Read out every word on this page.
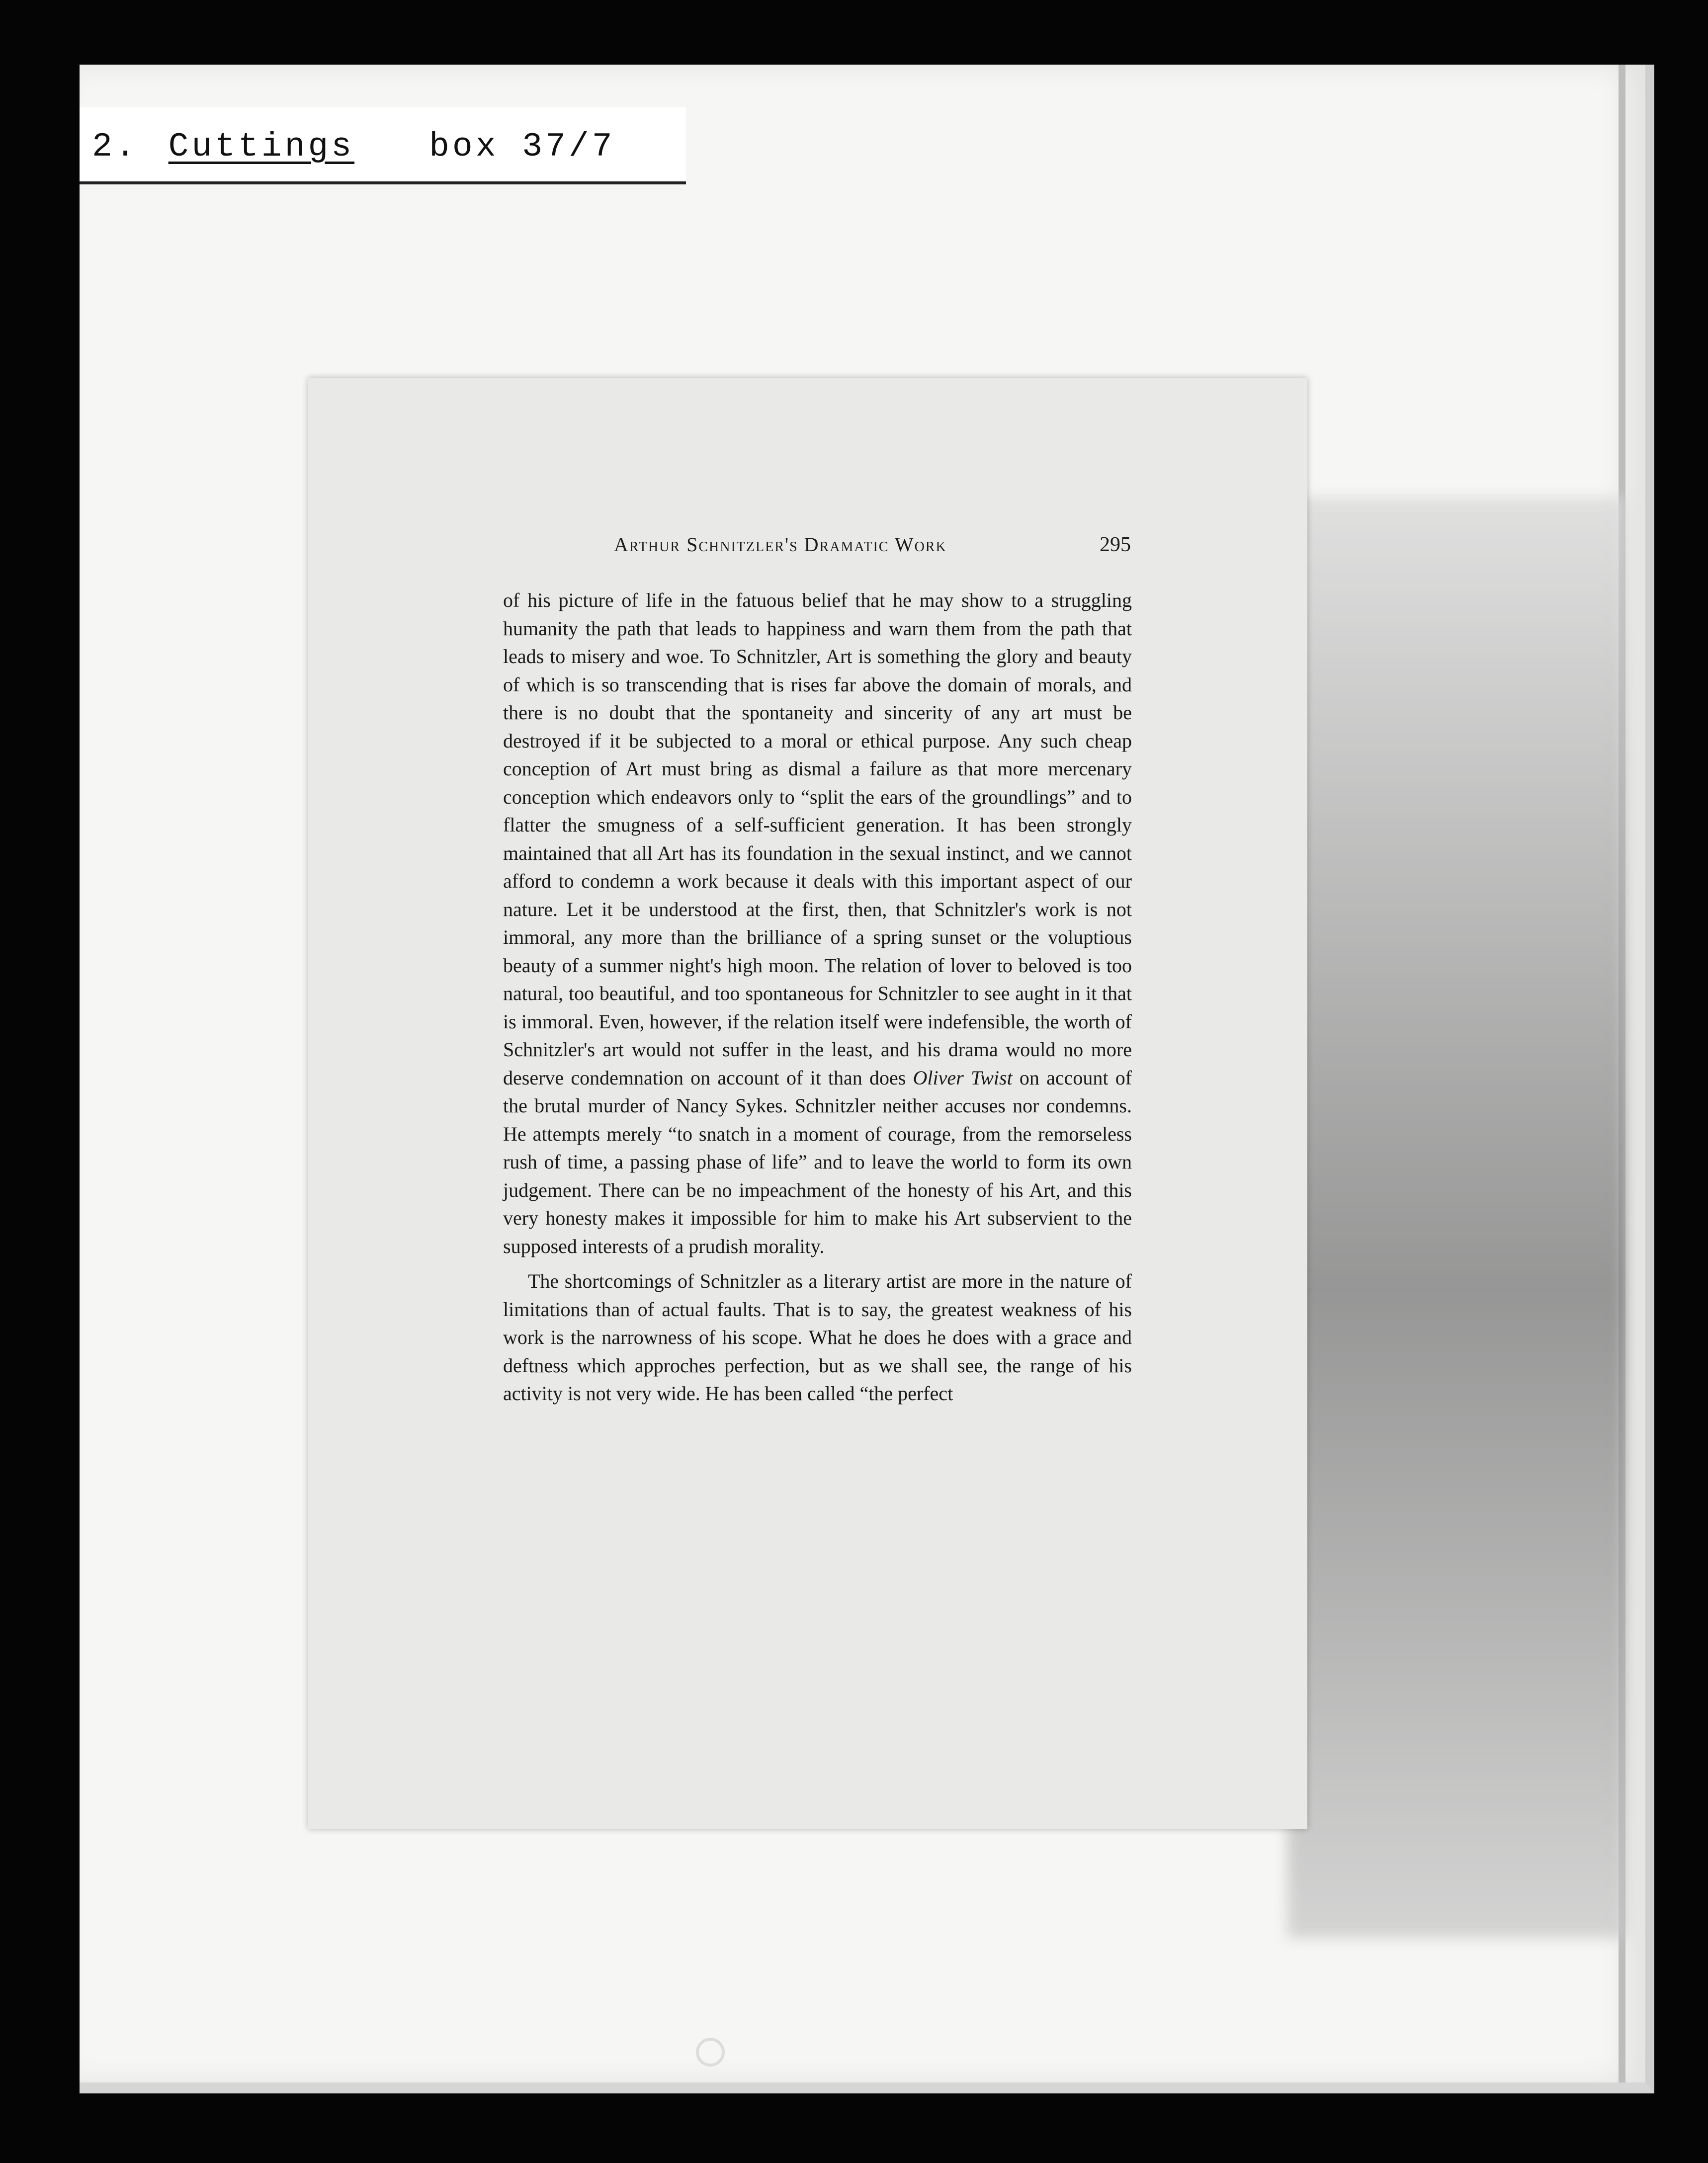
2. Cuttings box 37/7
Arthur Schnitzler's Dramatic Work	295

of his picture of life in the fatuous belief that he may show to a struggling humanity the path that leads to happiness and warn them from the path that leads to misery and woe. To Schnitzler, Art is something the glory and beauty of which is so transcending that is rises far above the domain of morals, and there is no doubt that the spontaneity and sincerity of any art must be destroyed if it be subjected to a moral or ethical purpose. Any such cheap conception of Art must bring as dismal a failure as that more mercenary conception which endeavors only to “split the ears of the groundlings” and to flatter the smugness of a self-sufficient generation. It has been strongly maintained that all Art has its foundation in the sexual instinct, and we cannot afford to condemn a work because it deals with this important aspect of our nature. Let it be understood at the first, then, that Schnitzler's work is not immoral, any more than the brilliance of a spring sunset or the voluptious beauty of a summer night's high moon. The relation of lover to beloved is too natural, too beautiful, and too spontaneous for Schnitzler to see aught in it that is immoral. Even, however, if the relation itself were indefensible, the worth of Schnitzler's art would not suffer in the least, and his drama would no more deserve condemnation on account of it than does Oliver Twist on account of the brutal murder of Nancy Sykes. Schnitzler neither accuses nor condemns. He attempts merely “to snatch in a moment of courage, from the remorseless rush of time, a passing phase of life” and to leave the world to form its own judgement. There can be no impeachment of the honesty of his Art, and this very honesty makes it impossible for him to make his Art subservient to the supposed interests of a prudish morality.

The shortcomings of Schnitzler as a literary artist are more in the nature of limitations than of actual faults. That is to say, the greatest weakness of his work is the narrowness of his scope. What he does he does with a grace and deftness which approches perfection, but as we shall see, the range of his activity is not very wide. He has been called “the perfect
